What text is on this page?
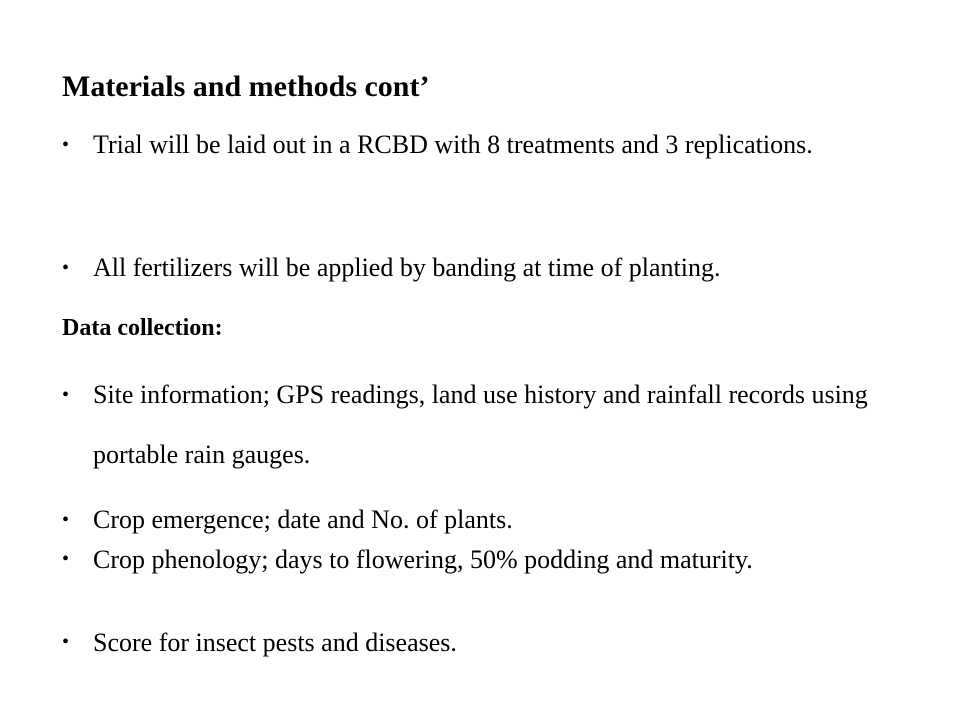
Materials and methods cont’
• Trial will be laid out in a RCBD with 8 treatments and 3 replications.
• All fertilizers will be applied by banding at time of planting.
Data collection:
• Site information; GPS readings, land use history and rainfall records using portable rain gauges.
• Crop emergence; date and No. of plants.
• Crop phenology; days to flowering, 50% podding and maturity.
• Score for insect pests and diseases.
